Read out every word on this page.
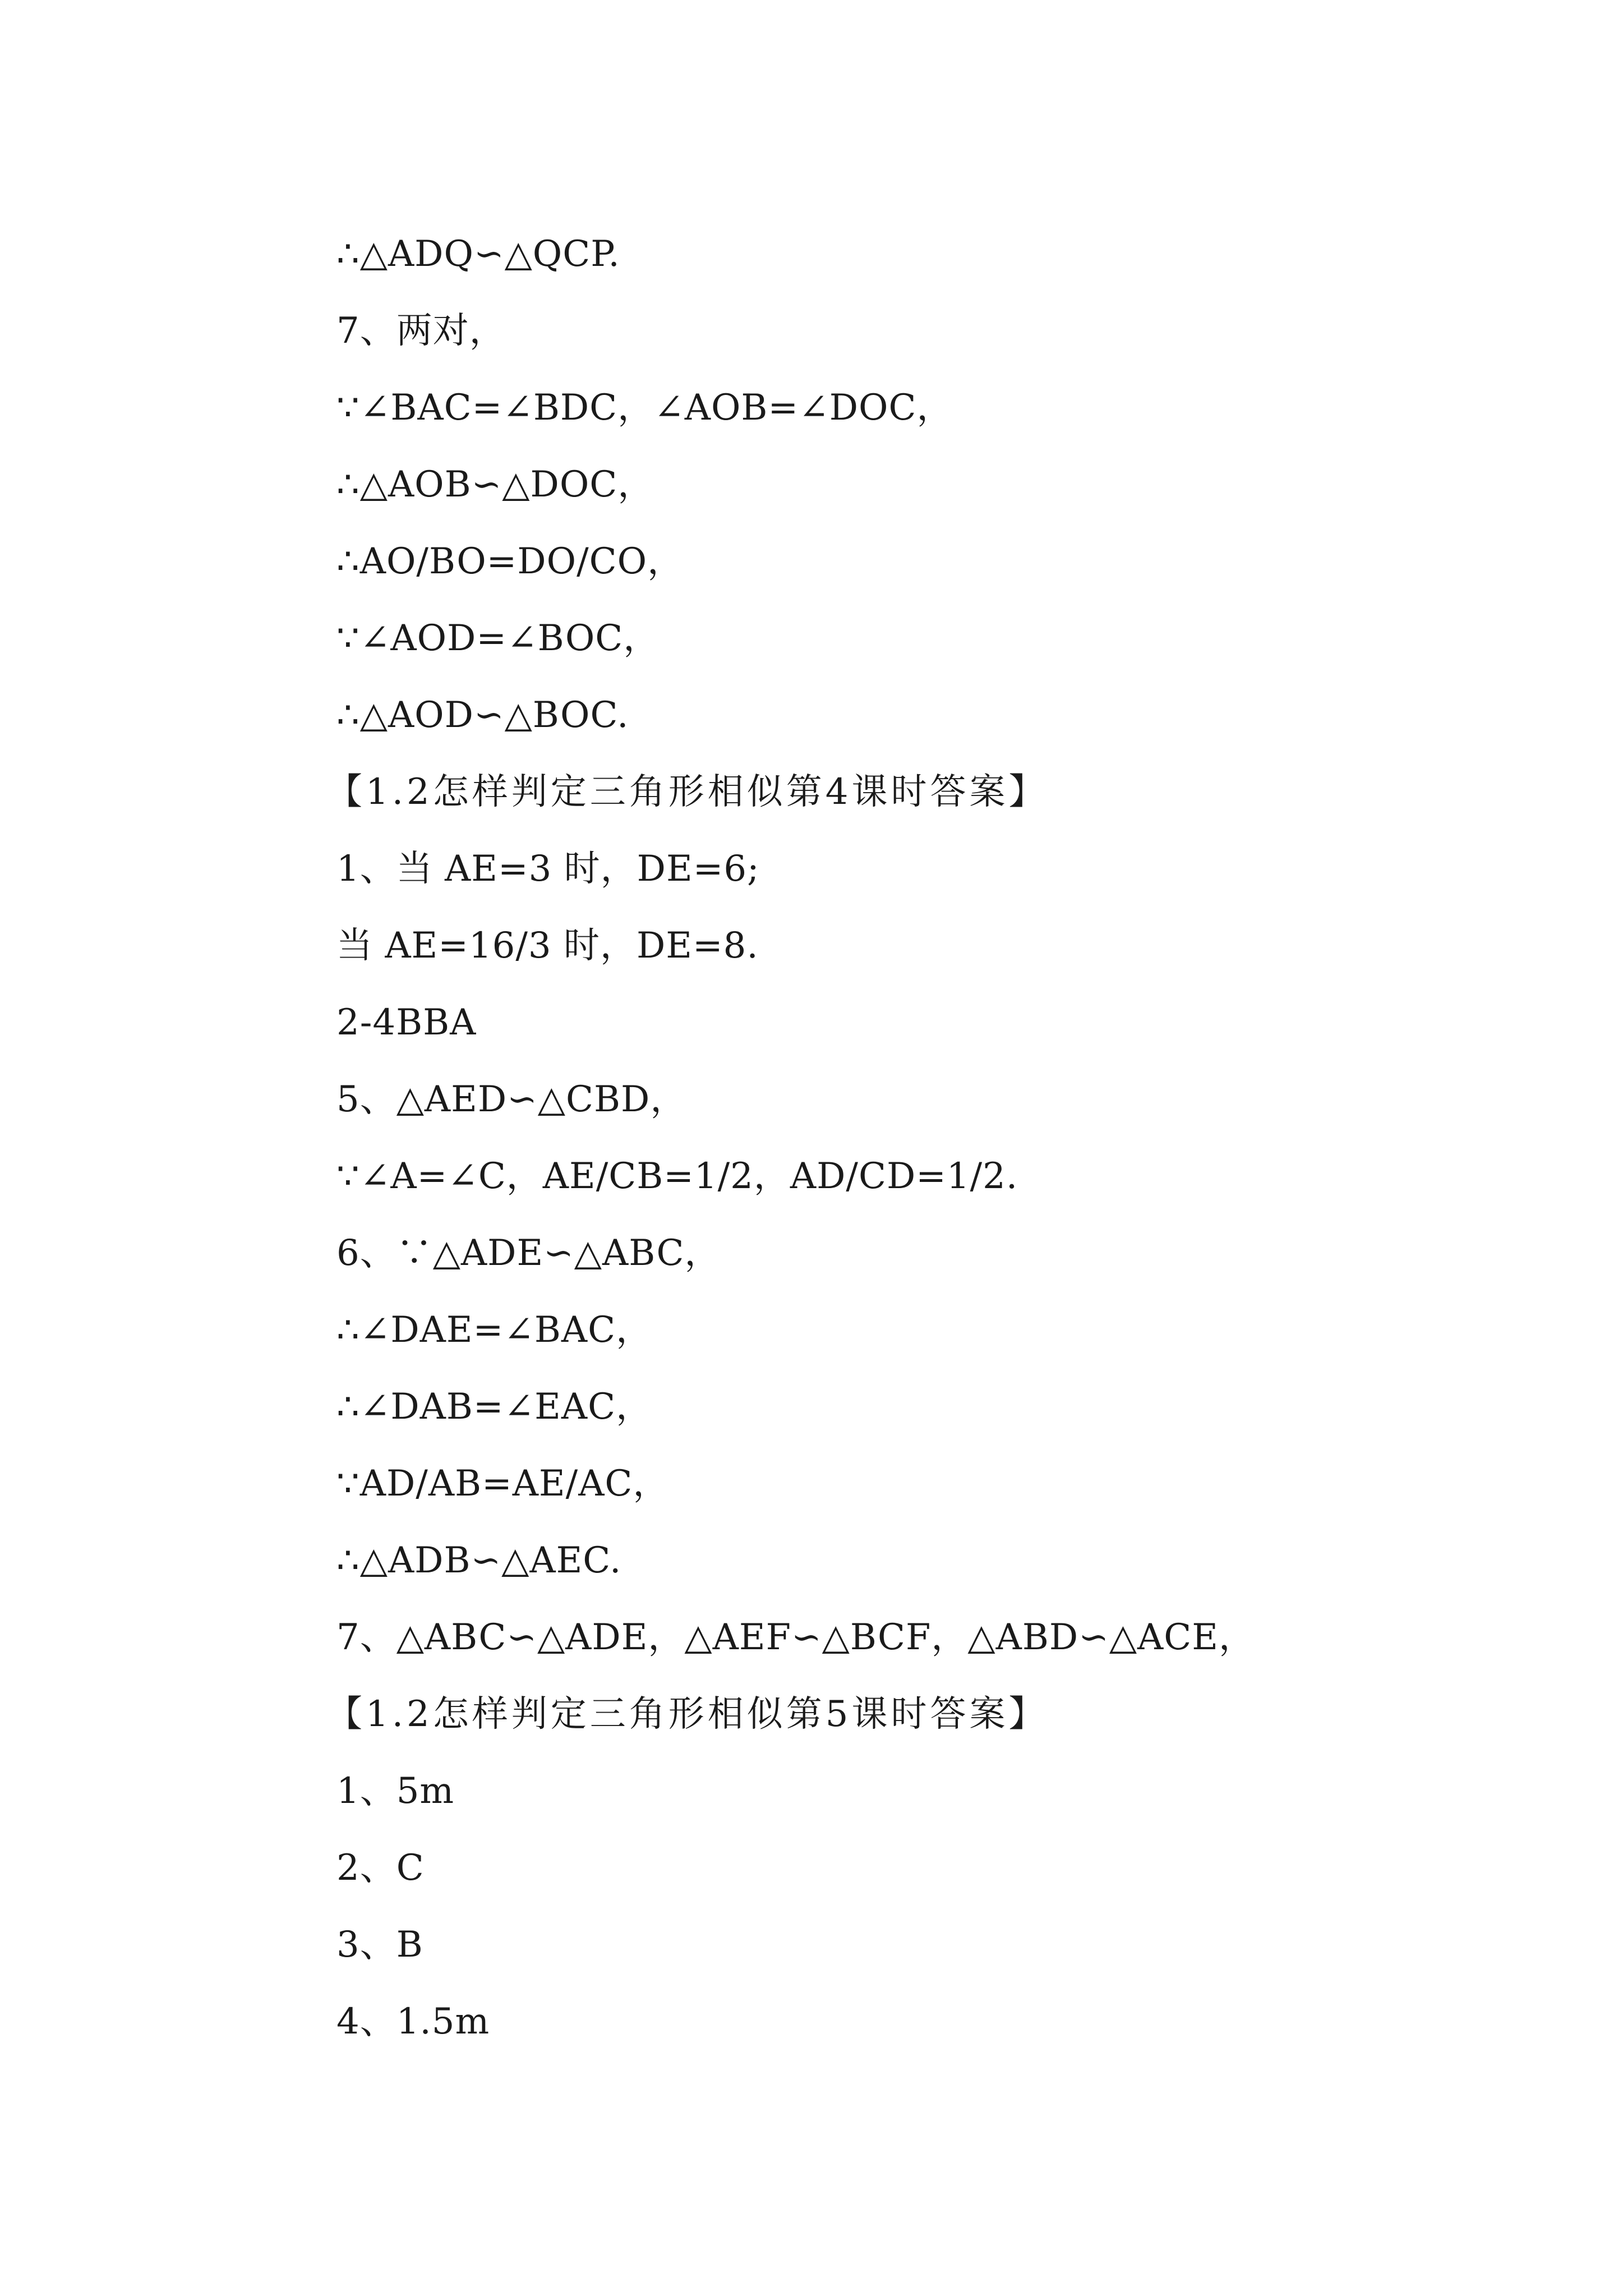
∴△ADQ∽△QCP.
7、两对，
∵∠BAC=∠BDC，∠AOB=∠DOC，
∴△AOB∽△DOC，
∴AO/BO=DO/CO，
∵∠AOD=∠BOC，
∴△AOD∽△BOC.
【1.2怎样判定三角形相似第4课时答案】
1、当 AE=3 时，DE=6;
当 AE=16/3 时，DE=8.
2-4BBA
5、△AED∽△CBD，
∵∠A=∠C，AE/CB=1/2，AD/CD=1/2.
6、∵△ADE∽△ABC，
∴∠DAE=∠BAC，
∴∠DAB=∠EAC，
∵AD/AB=AE/AC，
∴△ADB∽△AEC.
7、△ABC∽△ADE，△AEF∽△BCF，△ABD∽△ACE，
【1.2怎样判定三角形相似第5课时答案】
1、5m
2、C
3、B
4、1.5m
